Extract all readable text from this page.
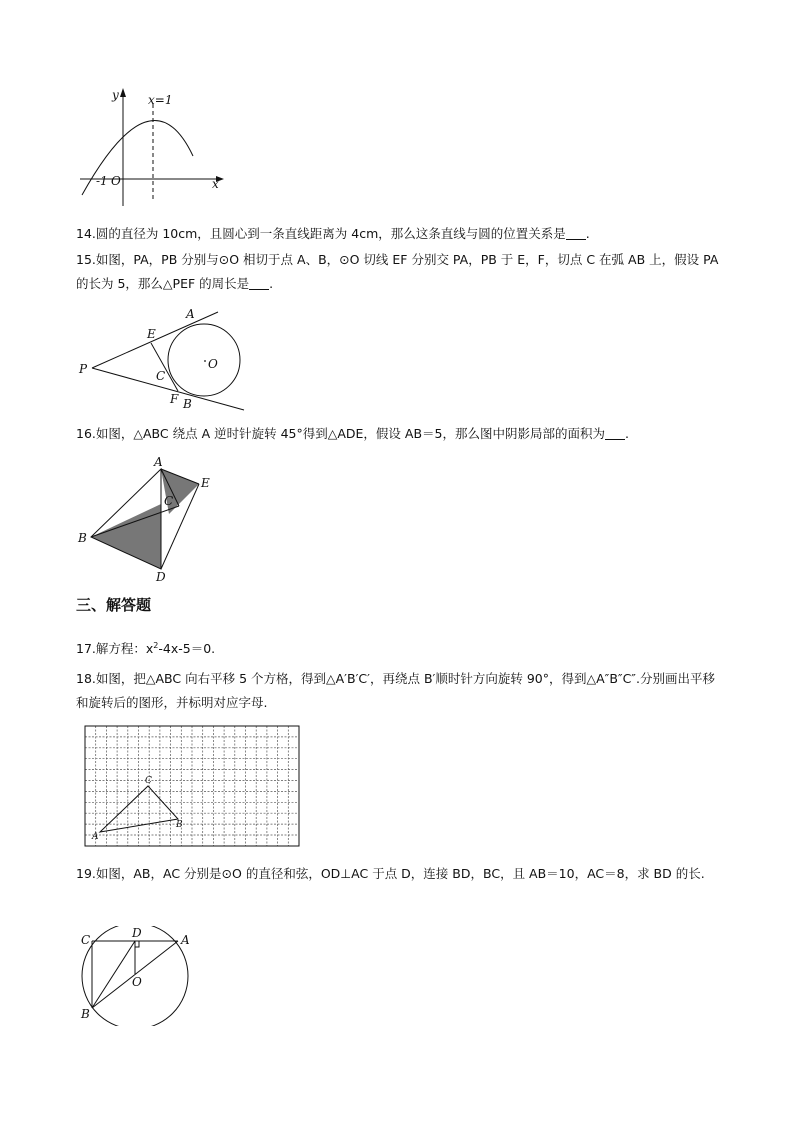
y
x
x=1
-1 O

14.圆的直径为 10cm，且圆心到一条直线距离为 4cm，那么这条直线与圆的位置关系是 .

15.如图，PA，PB 分别与⊙O 相切于点 A、B，⊙O 切线 EF 分别交 PA，PB 于 E，F，切点 C 在弧 AB 上，假设 PA 的长为 5，那么△PEF 的周长是 .

P
E
A
C
O
F B

16.如图，△ABC 绕点 A 逆时针旋转 45°得到△ADE，假设 AB＝5，那么图中阴影局部的面积为 .

A
E
C
B
D
三、解答题

17.解方程：$x^2-4x-5=0$.

18.如图，把△ABC 向右平移 5 个方格，得到△A′B′C′，再绕点 B′顺时针方向旋转 90°，得到△A″B″C″.分别画出平移和旋转后的图形，并标明对应字母.

A
B
C

19.如图，AB，AC 分别是⊙O 的直径和弦，OD⊥AC 于点 D，连接 BD，BC，且 AB＝10，AC＝8，求 BD 的长.

C	D	A
O
B
